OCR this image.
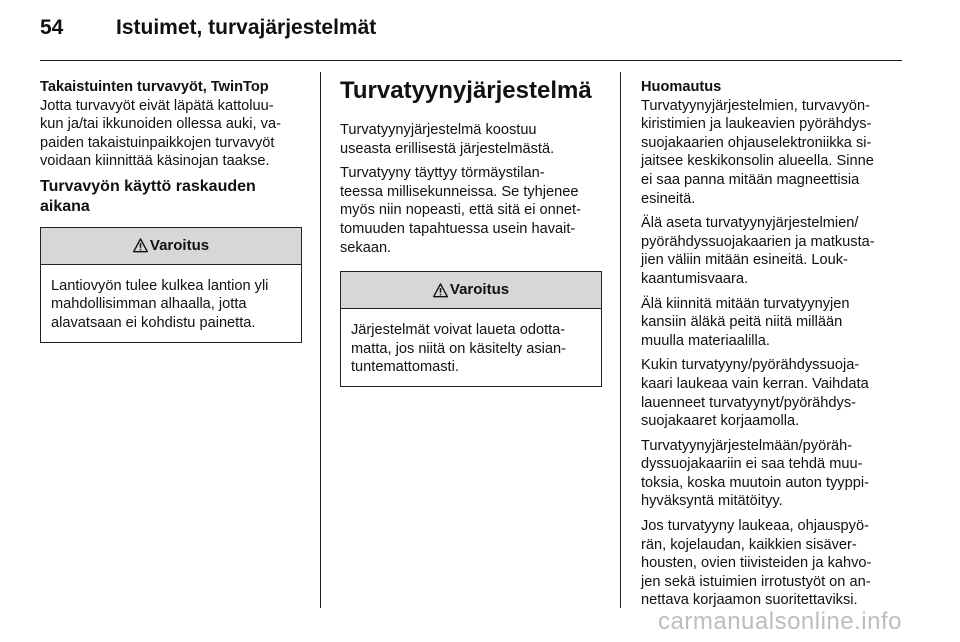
54	Istuimet, turvajärjestelmät

Takaistuinten turvavyöt, TwinTop

Jotta turvavyöt eivät läpätä kattoluu-
kun ja/tai ikkunoiden ollessa auki, va-
paiden takaistuinpaikkojen turvavyöt
voidaan kiinnittää käsinojan taakse.

Turvavyön käyttö raskauden
aikana

Varoitus
Lantiovyön tulee kulkea lantion yli
mahdollisimman alhaalla, jotta
alavatsaan ei kohdistu painetta.

Turvatyynyjärjestelmä

Turvatyynyjärjestelmä koostuu
useasta erillisestä järjestelmästä.

Turvatyyny täyttyy törmäystilan-
teessa millisekunneissa. Se tyhjenee
myös niin nopeasti, että sitä ei onnet-
tomuuden tapahtuessa usein havait-
sekaan.

Varoitus
Järjestelmät voivat laueta odotta-
matta, jos niitä on käsitelty asian-
tuntemattomasti.

Huomautus

Turvatyynyjärjestelmien, turvavyön-
kiristimien ja laukeavien pyörähdys-
suojakaarien ohjauselektroniikka si-
jaitsee keskikonsolin alueella. Sinne
ei saa panna mitään magneettisia
esineitä.

Älä aseta turvatyynyjärjestelmien/
pyörähdyssuojakaarien ja matkusta-
jien väliin mitään esineitä. Louk-
kaantumisvaara.

Älä kiinnitä mitään turvatyynyjen
kansiin äläkä peitä niitä millään
muulla materiaalilla.

Kukin turvatyyny/pyörähdyssuoja-
kaari laukeaa vain kerran. Vaihdata
lauenneet turvatyynyt/pyörähdys-
suojakaaret korjaamolla.

Turvatyynyjärjestelmään/pyöräh-
dyssuojakaariin ei saa tehdä muu-
toksia, koska muutoin auton tyyppi-
hyväksyntä mitätöityy.

Jos turvatyyny laukeaa, ohjauspyö-
rän, kojelaudan, kaikkien sisäver-
housten, ovien tiivisteiden ja kahvo-
jen sekä istuimien irrotustyöt on an-
nettava korjaamon suoritettaviksi.

carmanualsonline.info
